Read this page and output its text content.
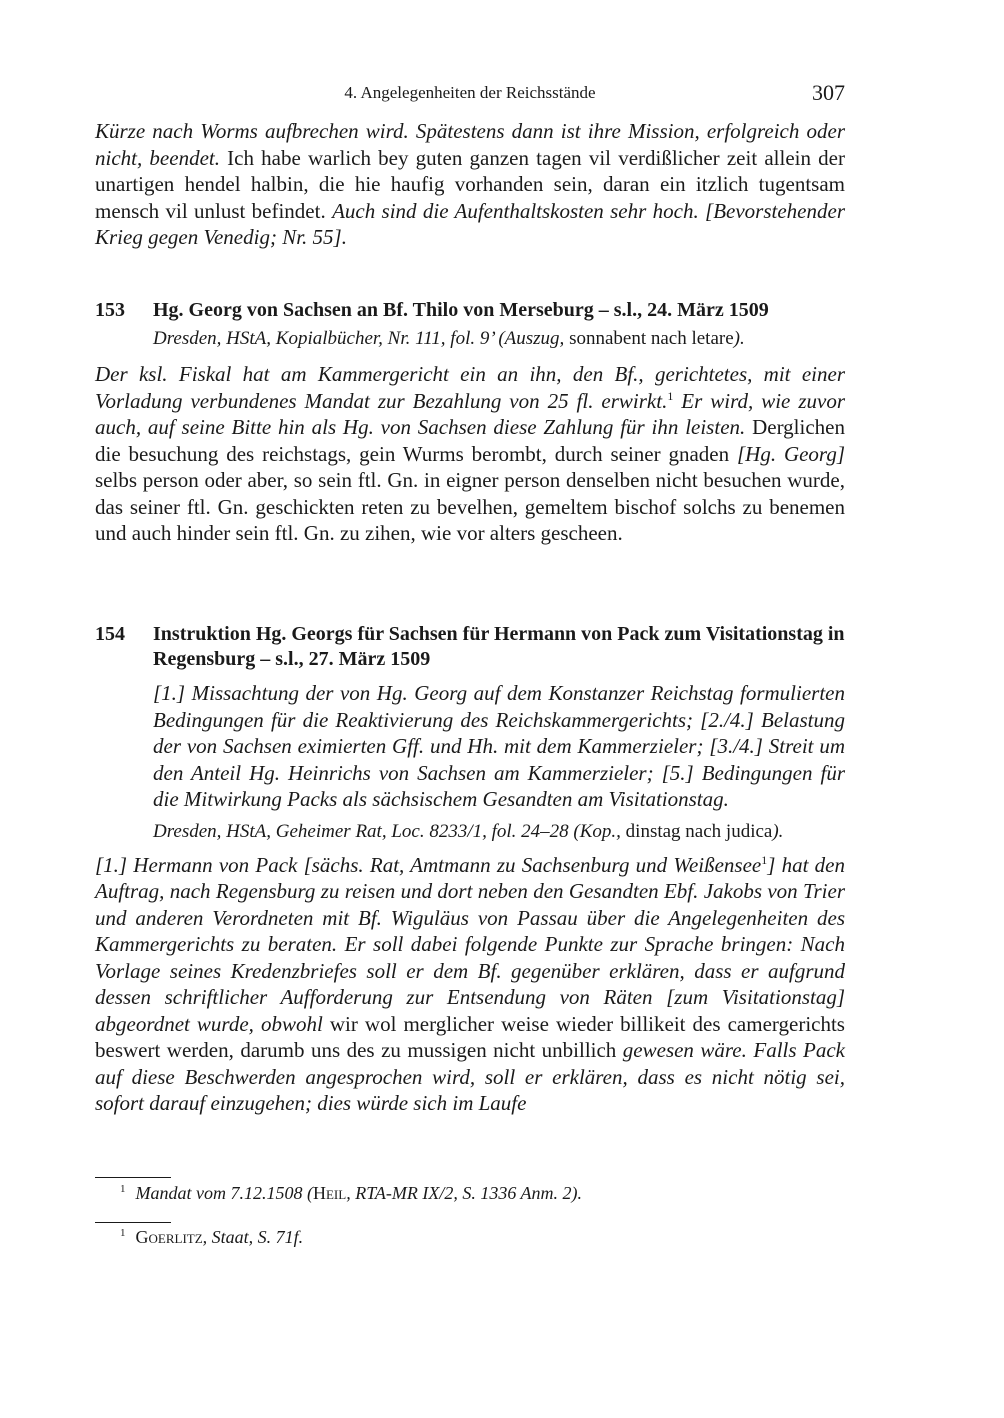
4. Angelegenheiten der Reichsstände	307

Kürze nach Worms aufbrechen wird. Spätestens dann ist ihre Mission, erfolgreich oder nicht, beendet. Ich habe warlich bey guten ganzen tagen vil verdißlicher zeit allein der unartigen hendel halbin, die hie haufig vorhanden sein, daran ein itzlich tugentsam mensch vil unlust befindet. Auch sind die Aufenthaltskosten sehr hoch. [Bevorstehender Krieg gegen Venedig; Nr. 55].

153	Hg. Georg von Sachsen an Bf. Thilo von Merseburg – s.l., 24. März 1509
Dresden, HStA, Kopialbücher, Nr. 111, fol. 9’ (Auszug, sonnabent nach letare).

Der ksl. Fiskal hat am Kammergericht ein an ihn, den Bf., gerichtetes, mit einer Vorladung verbundenes Mandat zur Bezahlung von 25 fl. erwirkt.$^1$ Er wird, wie zuvor auch, auf seine Bitte hin als Hg. von Sachsen diese Zahlung für ihn leisten. Derglichen die besuchung des reichstags, gein Wurms berombt, durch seiner gnaden [Hg. Georg] selbs person oder aber, so sein ftl. Gn. in eigner person denselben nicht besuchen wurde, das seiner ftl. Gn. geschickten reten zu bevelhen, gemeltem bischof solchs zu benemen und auch hinder sein ftl. Gn. zu zihen, wie vor alters gescheen.

154	Instruktion Hg. Georgs für Sachsen für Hermann von Pack zum Visitationstag in Regensburg – s.l., 27. März 1509
[1.] Missachtung der von Hg. Georg auf dem Konstanzer Reichstag formulierten Bedingungen für die Reaktivierung des Reichskammergerichts; [2./4.] Belastung der von Sachsen eximierten Gff. und Hh. mit dem Kammerzieler; [3./4.] Streit um den Anteil Hg. Heinrichs von Sachsen am Kammerzieler; [5.] Bedingungen für die Mitwirkung Packs als sächsischem Gesandten am Visitationstag.
Dresden, HStA, Geheimer Rat, Loc. 8233/1, fol. 24–28 (Kop., dinstag nach judica).

[1.] Hermann von Pack [sächs. Rat, Amtmann zu Sachsenburg und Weißensee$^1$] hat den Auftrag, nach Regensburg zu reisen und dort neben den Gesandten Ebf. Jakobs von Trier und anderen Verordneten mit Bf. Wiguläus von Passau über die Angelegenheiten des Kammergerichts zu beraten. Er soll dabei folgende Punkte zur Sprache bringen: Nach Vorlage seines Kredenzbriefes soll er dem Bf. gegenüber erklären, dass er aufgrund dessen schriftlicher Aufforderung zur Entsendung von Räten [zum Visitationstag] abgeordnet wurde, obwohl wir wol merglicher weise wieder billikeit des camergerichts beswert werden, darumb uns des zu mussigen nicht unbillich gewesen wäre. Falls Pack auf diese Beschwerden angesprochen wird, soll er erklären, dass es nicht nötig sei, sofort darauf einzugehen; dies würde sich im Laufe

$^1$ Mandat vom 7.12.1508 (Heil, RTA-MR IX/2, S. 1336 Anm. 2).
$^1$ Goerlitz, Staat, S. 71f.
